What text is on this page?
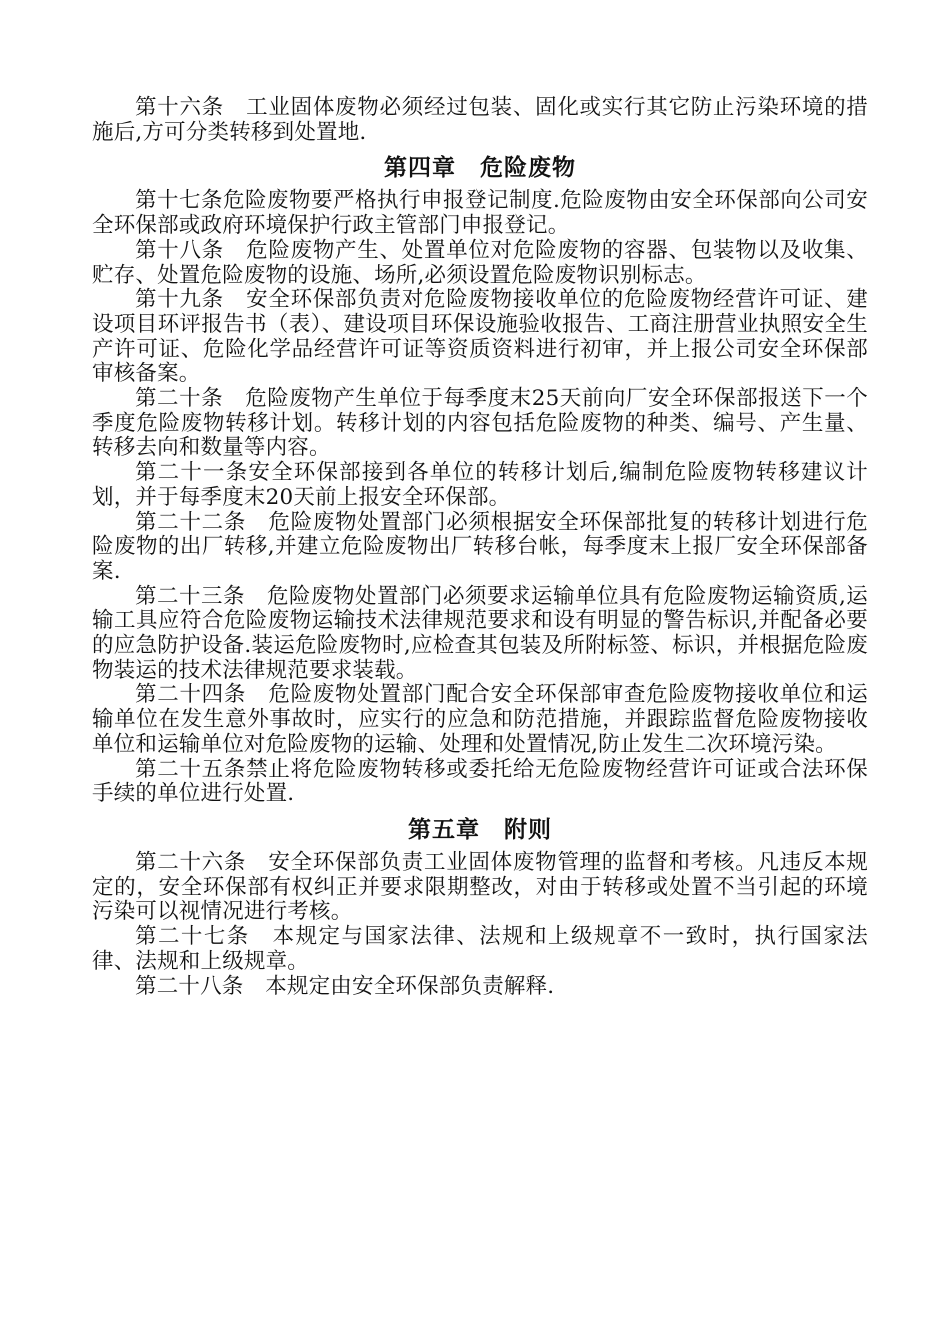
第十六条　工业固体废物必须经过包装、固化或实行其它防止污染环境的措施后,方可分类转移到处置地.

第四章　危险废物

第十七条危险废物要严格执行申报登记制度.危险废物由安全环保部向公司安全环保部或政府环境保护行政主管部门申报登记。

第十八条　危险废物产生、处置单位对危险废物的容器、包装物以及收集、贮存、处置危险废物的设施、场所,必须设置危险废物识别标志。

第十九条　安全环保部负责对危险废物接收单位的危险废物经营许可证、建设项目环评报告书（表）、建设项目环保设施验收报告、工商注册营业执照安全生产许可证、危险化学品经营许可证等资质资料进行初审，并上报公司安全环保部审核备案。

第二十条　危险废物产生单位于每季度末25天前向厂安全环保部报送下一个季度危险废物转移计划。转移计划的内容包括危险废物的种类、编号、产生量、转移去向和数量等内容。

第二十一条安全环保部接到各单位的转移计划后,编制危险废物转移建议计划，并于每季度末20天前上报安全环保部。

第二十二条　危险废物处置部门必须根据安全环保部批复的转移计划进行危险废物的出厂转移,并建立危险废物出厂转移台帐，每季度末上报厂安全环保部备案.

第二十三条　危险废物处置部门必须要求运输单位具有危险废物运输资质,运输工具应符合危险废物运输技术法律规范要求和设有明显的警告标识,并配备必要的应急防护设备.装运危险废物时,应检查其包装及所附标签、标识，并根据危险废物装运的技术法律规范要求装载。

第二十四条　危险废物处置部门配合安全环保部审查危险废物接收单位和运输单位在发生意外事故时，应实行的应急和防范措施，并跟踪监督危险废物接收单位和运输单位对危险废物的运输、处理和处置情况,防止发生二次环境污染。

第二十五条禁止将危险废物转移或委托给无危险废物经营许可证或合法环保手续的单位进行处置.

第五章　附则

第二十六条　安全环保部负责工业固体废物管理的监督和考核。凡违反本规定的，安全环保部有权纠正并要求限期整改，对由于转移或处置不当引起的环境污染可以视情况进行考核。

第二十七条　本规定与国家法律、法规和上级规章不一致时，执行国家法律、法规和上级规章。

第二十八条　本规定由安全环保部负责解释.
